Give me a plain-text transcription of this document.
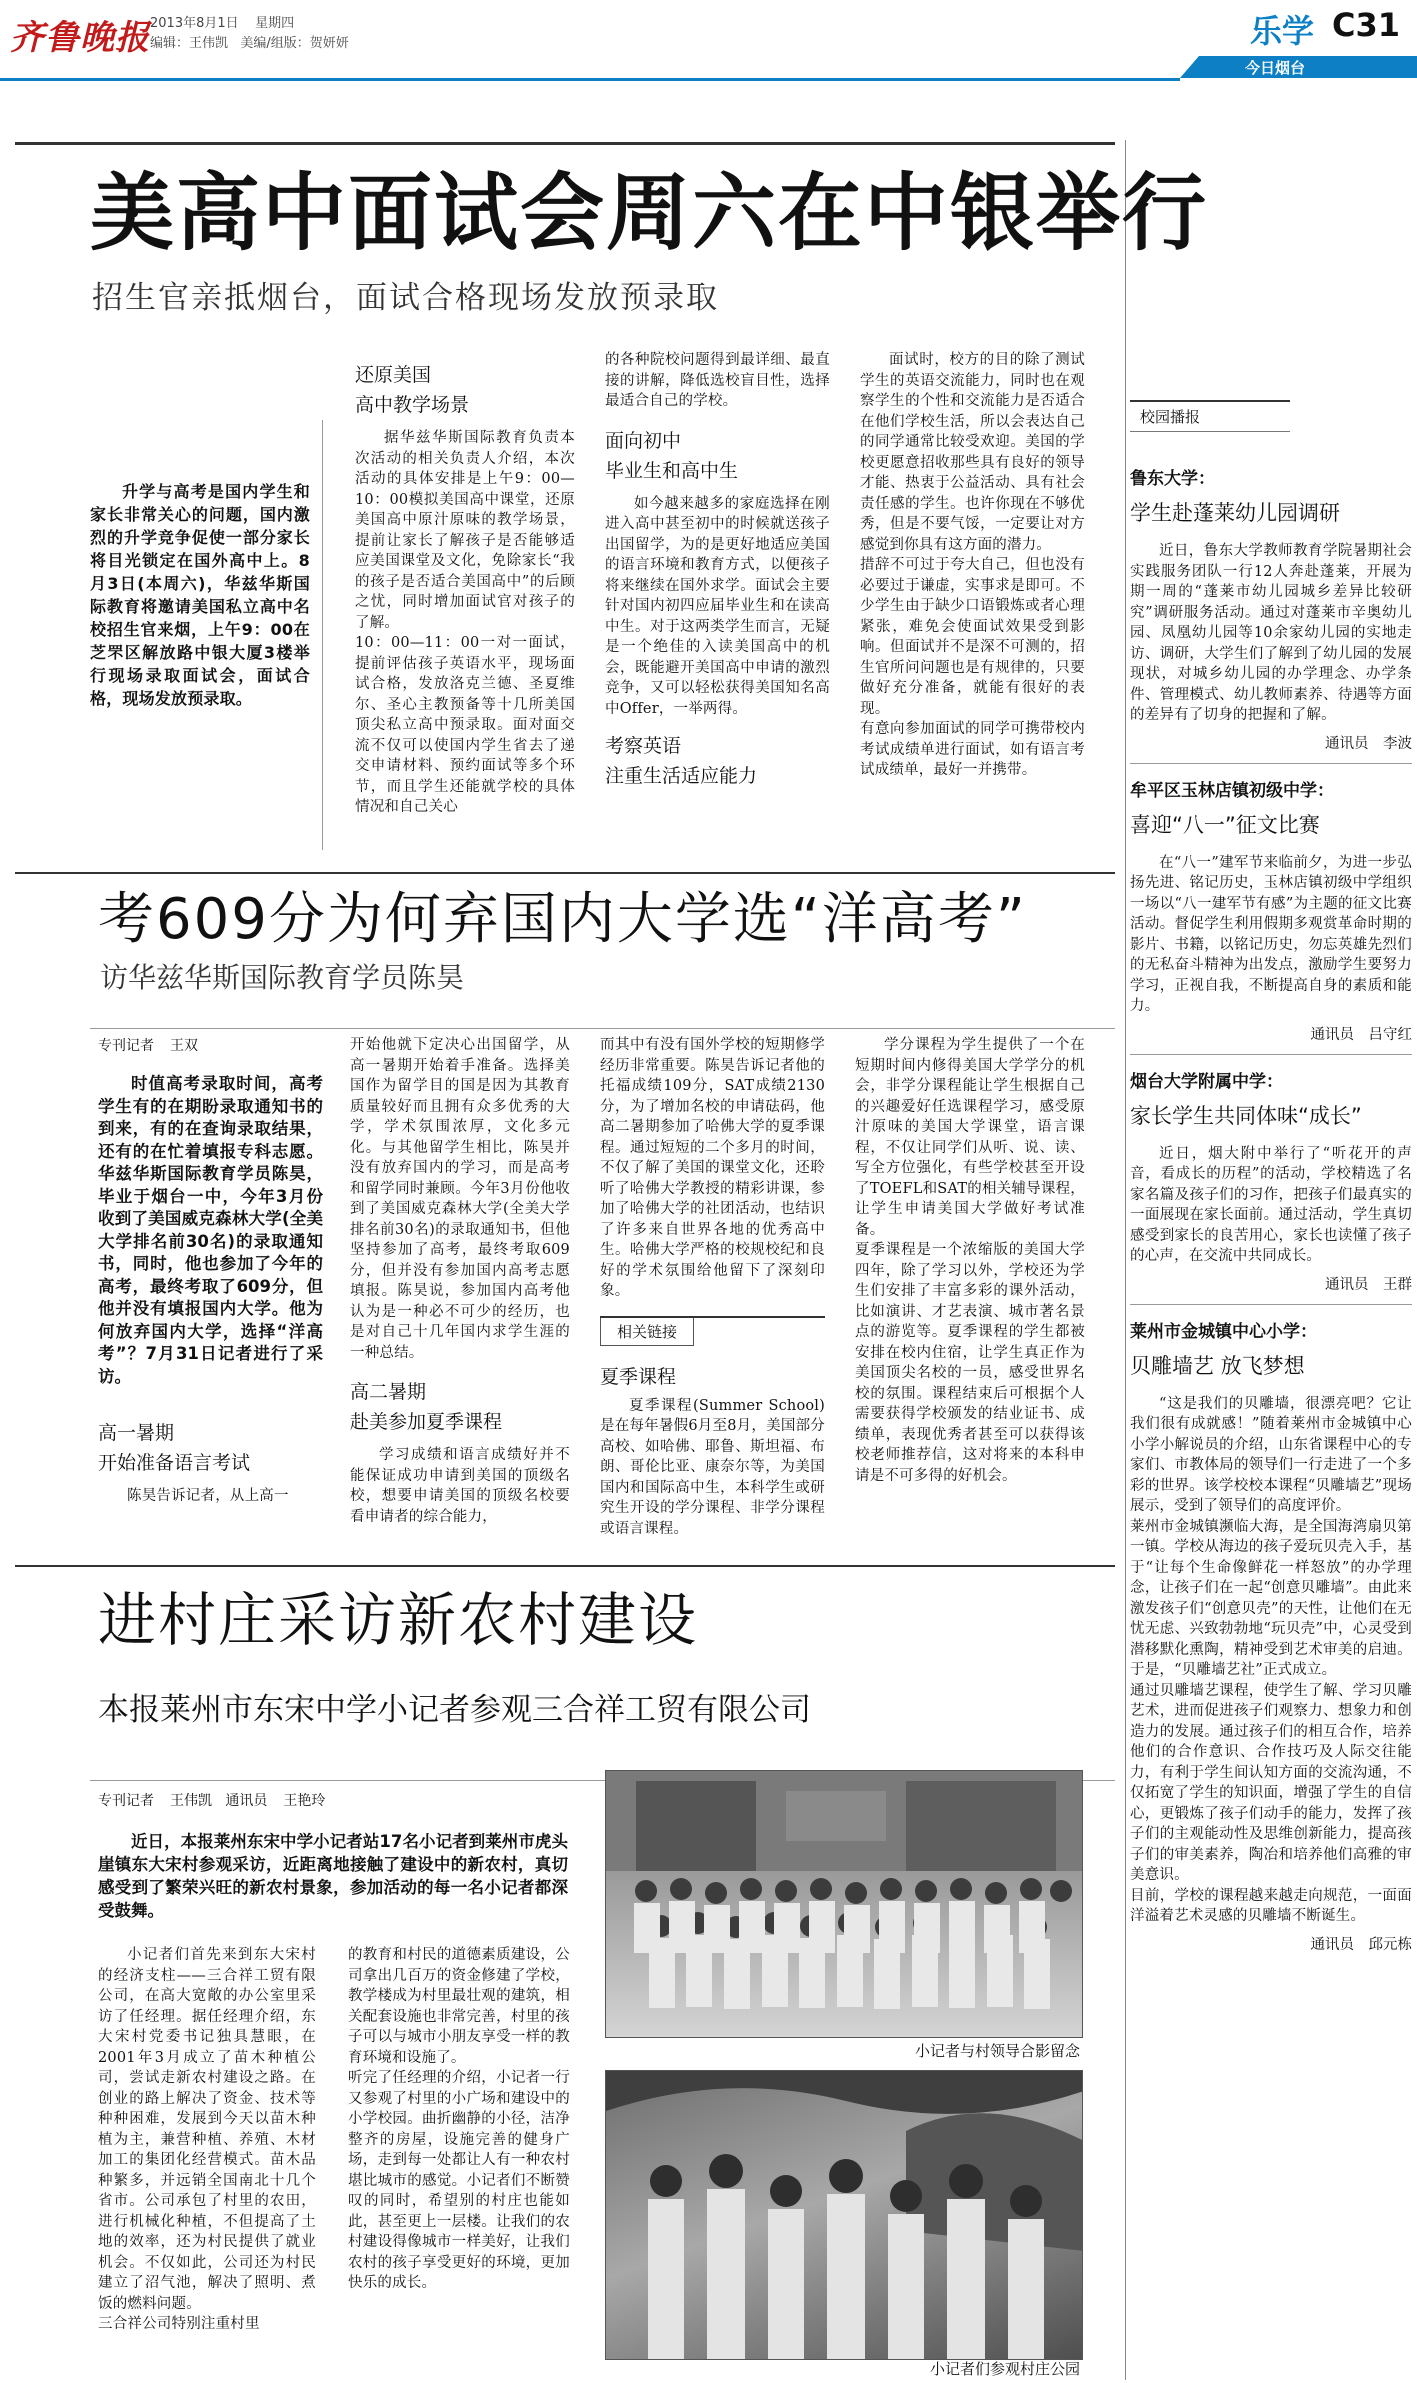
齐鲁晚报 2013年8月1日 星期四
编辑：王伟凯 美编/组版：贺妍妍	乐学 C31
今日烟台
校园播报
鲁东大学：
学生赴蓬莱幼儿园调研
近日，鲁东大学教师教育学院暑期社会实践服务团队一行12人奔赴蓬莱，开展为期一周的“蓬莱市幼儿园城乡差异比较研究”调研服务活动。通过对蓬莱市辛奥幼儿园、凤凰幼儿园等10余家幼儿园的实地走访、调研，大学生们了解到了幼儿园的发展现状，对城乡幼儿园的办学理念、办学条件、管理模式、幼儿教师素养、待遇等方面的差异有了切身的把握和了解。
通讯员　李波
牟平区玉林店镇初级中学：
喜迎“八一”征文比赛
在“八一”建军节来临前夕，为进一步弘扬先进、铭记历史，玉林店镇初级中学组织一场以“八一建军节有感”为主题的征文比赛活动。督促学生利用假期多观赏革命时期的影片、书籍，以铭记历史，勿忘英雄先烈们的无私奋斗精神为出发点，激励学生要努力学习，正视自我，不断提高自身的素质和能力。
通讯员　吕守红
烟台大学附属中学：
家长学生共同体味“成长”
近日，烟大附中举行了“听花开的声音，看成长的历程”的活动，学校精选了名家名篇及孩子们的习作，把孩子们最真实的一面展现在家长面前。通过活动，学生真切感受到家长的良苦用心，家长也读懂了孩子的心声，在交流中共同成长。
通讯员　王群
莱州市金城镇中心小学：
贝雕墙艺 放飞梦想
“这是我们的贝雕墙，很漂亮吧？它让我们很有成就感！”随着莱州市金城镇中心小学小解说员的介绍，山东省课程中心的专家们、市教体局的领导们一行走进了一个多彩的世界。该学校校本课程“贝雕墙艺”现场展示，受到了领导们的高度评价。
莱州市金城镇濒临大海，是全国海湾扇贝第一镇。学校从海边的孩子爱玩贝壳入手，基于“让每个生命像鲜花一样怒放”的办学理念，让孩子们在一起“创意贝雕墙”。由此来激发孩子们“创意贝壳”的天性，让他们在无忧无虑、兴致勃勃地“玩贝壳”中，心灵受到潜移默化熏陶，精神受到艺术审美的启迪。于是，“贝雕墙艺社”正式成立。
通过贝雕墙艺课程，使学生了解、学习贝雕艺术，进而促进孩子们观察力、想象力和创造力的发展。通过孩子们的相互合作，培养他们的合作意识、合作技巧及人际交往能力，有利于学生间认知方面的交流沟通，不仅拓宽了学生的知识面，增强了学生的自信心，更锻炼了孩子们动手的能力，发挥了孩子们的主观能动性及思维创新能力，提高孩子们的审美素养，陶冶和培养他们高雅的审美意识。
目前，学校的课程越来越走向规范，一面面洋溢着艺术灵感的贝雕墙不断诞生。
通讯员　邱元栋
美高中面试会周六在中银举行
招生官亲抵烟台，面试合格现场发放预录取
升学与高考是国内学生和家长非常关心的问题，国内激烈的升学竞争促使一部分家长将目光锁定在国外高中上。8月3日(本周六)，华兹华斯国际教育将邀请美国私立高中名校招生官来烟，上午9：00在芝罘区解放路中银大厦3楼举行现场录取面试会，面试合格，现场发放预录取。
还原美国
高中教学场景
据华兹华斯国际教育负责本次活动的相关负责人介绍，本次活动的具体安排是上午9：00—10：00模拟美国高中课堂，还原美国高中原汁原味的教学场景，提前让家长了解孩子是否能够适应美国课堂及文化，免除家长“我的孩子是否适合美国高中”的后顾之忧，同时增加面试官对孩子的了解。
10：00—11：00一对一面试，提前评估孩子英语水平，现场面试合格，发放洛克兰德、圣夏维尔、圣心主教预备等十几所美国顶尖私立高中预录取。面对面交流不仅可以使国内学生省去了递交申请材料、预约面试等多个环节，而且学生还能就学校的具体情况和自己关心
的各种院校问题得到最详细、最直接的讲解，降低选校盲目性，选择最适合自己的学校。
面向初中
毕业生和高中生
如今越来越多的家庭选择在刚进入高中甚至初中的时候就送孩子出国留学，为的是更好地适应美国的语言环境和教育方式，以便孩子将来继续在国外求学。面试会主要针对国内初四应届毕业生和在读高中生。对于这两类学生而言，无疑是一个绝佳的入读美国高中的机会，既能避开美国高中申请的激烈竞争，又可以轻松获得美国知名高中Offer，一举两得。
考察英语
注重生活适应能力
面试时，校方的目的除了测试学生的英语交流能力，同时也在观察学生的个性和交流能力是否适合在他们学校生活，所以会表达自己的同学通常比较受欢迎。美国的学校更愿意招收那些具有良好的领导才能、热衷于公益活动、具有社会责任感的学生。也许你现在不够优秀，但是不要气馁，一定要让对方感觉到你具有这方面的潜力。
措辞不可过于夸大自己，但也没有必要过于谦虚，实事求是即可。不少学生由于缺少口语锻炼或者心理紧张，难免会使面试效果受到影响。但面试并不是深不可测的，招生官所问问题也是有规律的，只要做好充分准备，就能有很好的表现。
有意向参加面试的同学可携带校内考试成绩单进行面试，如有语言考试成绩单，最好一并携带。
考609分为何弃国内大学选“洋高考”
访华兹华斯国际教育学员陈昊
专刊记者 王双
时值高考录取时间，高考学生有的在期盼录取通知书的到来，有的在查询录取结果，还有的在忙着填报专科志愿。华兹华斯国际教育学员陈昊，毕业于烟台一中，今年3月份收到了美国威克森林大学(全美大学排名前30名)的录取通知书，同时，他也参加了今年的高考，最终考取了609分，但他并没有填报国内大学。他为何放弃国内大学，选择“洋高考”？7月31日记者进行了采访。
高一暑期
开始准备语言考试
陈昊告诉记者，从上高一
开始他就下定决心出国留学，从高一暑期开始着手准备。选择美国作为留学目的国是因为其教育质量较好而且拥有众多优秀的大学，学术氛围浓厚，文化多元化。与其他留学生相比，陈昊并没有放弃国内的学习，而是高考和留学同时兼顾。今年3月份他收到了美国威克森林大学(全美大学排名前30名)的录取通知书，但他坚持参加了高考，最终考取609分，但并没有参加国内高考志愿填报。陈昊说，参加国内高考他认为是一种必不可少的经历，也是对自己十几年国内求学生涯的一种总结。
高二暑期
赴美参加夏季课程
学习成绩和语言成绩好并不能保证成功申请到美国的顶级名校，想要申请美国的顶级名校要看申请者的综合能力，
而其中有没有国外学校的短期修学经历非常重要。陈昊告诉记者他的托福成绩109分，SAT成绩2130分，为了增加名校的申请砝码，他高二暑期参加了哈佛大学的夏季课程。通过短短的二个多月的时间，不仅了解了美国的课堂文化，还聆听了哈佛大学教授的精彩讲课，参加了哈佛大学的社团活动，也结识了许多来自世界各地的优秀高中生。哈佛大学严格的校规校纪和良好的学术氛围给他留下了深刻印象。
相关链接
夏季课程
夏季课程(Summer School)是在每年暑假6月至8月，美国部分高校、如哈佛、耶鲁、斯坦福、布朗、哥伦比亚、康奈尔等，为美国国内和国际高中生，本科学生或研究生开设的学分课程、非学分课程或语言课程。
学分课程为学生提供了一个在短期时间内修得美国大学学分的机会，非学分课程能让学生根据自己的兴趣爱好任选课程学习，感受原汁原味的美国大学课堂，语言课程，不仅让同学们从听、说、读、写全方位强化，有些学校甚至开设了TOEFL和SAT的相关辅导课程，让学生申请美国大学做好考试准备。
夏季课程是一个浓缩版的美国大学四年，除了学习以外，学校还为学生们安排了丰富多彩的课外活动，比如演讲、才艺表演、城市著名景点的游览等。夏季课程的学生都被安排在校内住宿，让学生真正作为美国顶尖名校的一员，感受世界名校的氛围。课程结束后可根据个人需要获得学校颁发的结业证书、成绩单，表现优秀者甚至可以获得该校老师推荐信，这对将来的本科申请是不可多得的好机会。
进村庄采访新农村建设
本报莱州市东宋中学小记者参观三合祥工贸有限公司
专刊记者 王伟凯 通讯员 王艳玲
近日，本报莱州东宋中学小记者站17名小记者到莱州市虎头崖镇东大宋村参观采访，近距离地接触了建设中的新农村，真切感受到了繁荣兴旺的新农村景象，参加活动的每一名小记者都深受鼓舞。
小记者们首先来到东大宋村的经济支柱——三合祥工贸有限公司，在高大宽敞的办公室里采访了任经理。据任经理介绍，东大宋村党委书记独具慧眼，在2001年3月成立了苗木种植公司，尝试走新农村建设之路。在创业的路上解决了资金、技术等种种困难，发展到今天以苗木种植为主，兼营种植、养殖、木材加工的集团化经营模式。苗木品种繁多，并远销全国南北十几个省市。公司承包了村里的农田，进行机械化种植，不但提高了土地的效率，还为村民提供了就业机会。不仅如此，公司还为村民建立了沼气池，解决了照明、煮饭的燃料问题。
三合祥公司特别注重村里
的教育和村民的道德素质建设，公司拿出几百万的资金修建了学校，教学楼成为村里最壮观的建筑，相关配套设施也非常完善，村里的孩子可以与城市小朋友享受一样的教育环境和设施了。
听完了任经理的介绍，小记者一行又参观了村里的小广场和建设中的小学校园。曲折幽静的小径，洁净整齐的房屋，设施完善的健身广场，走到每一处都让人有一种农村堪比城市的感觉。小记者们不断赞叹的同时，希望别的村庄也能如此，甚至更上一层楼。让我们的农村建设得像城市一样美好，让我们农村的孩子享受更好的环境，更加快乐的成长。
小记者与村领导合影留念
小记者们参观村庄公园
